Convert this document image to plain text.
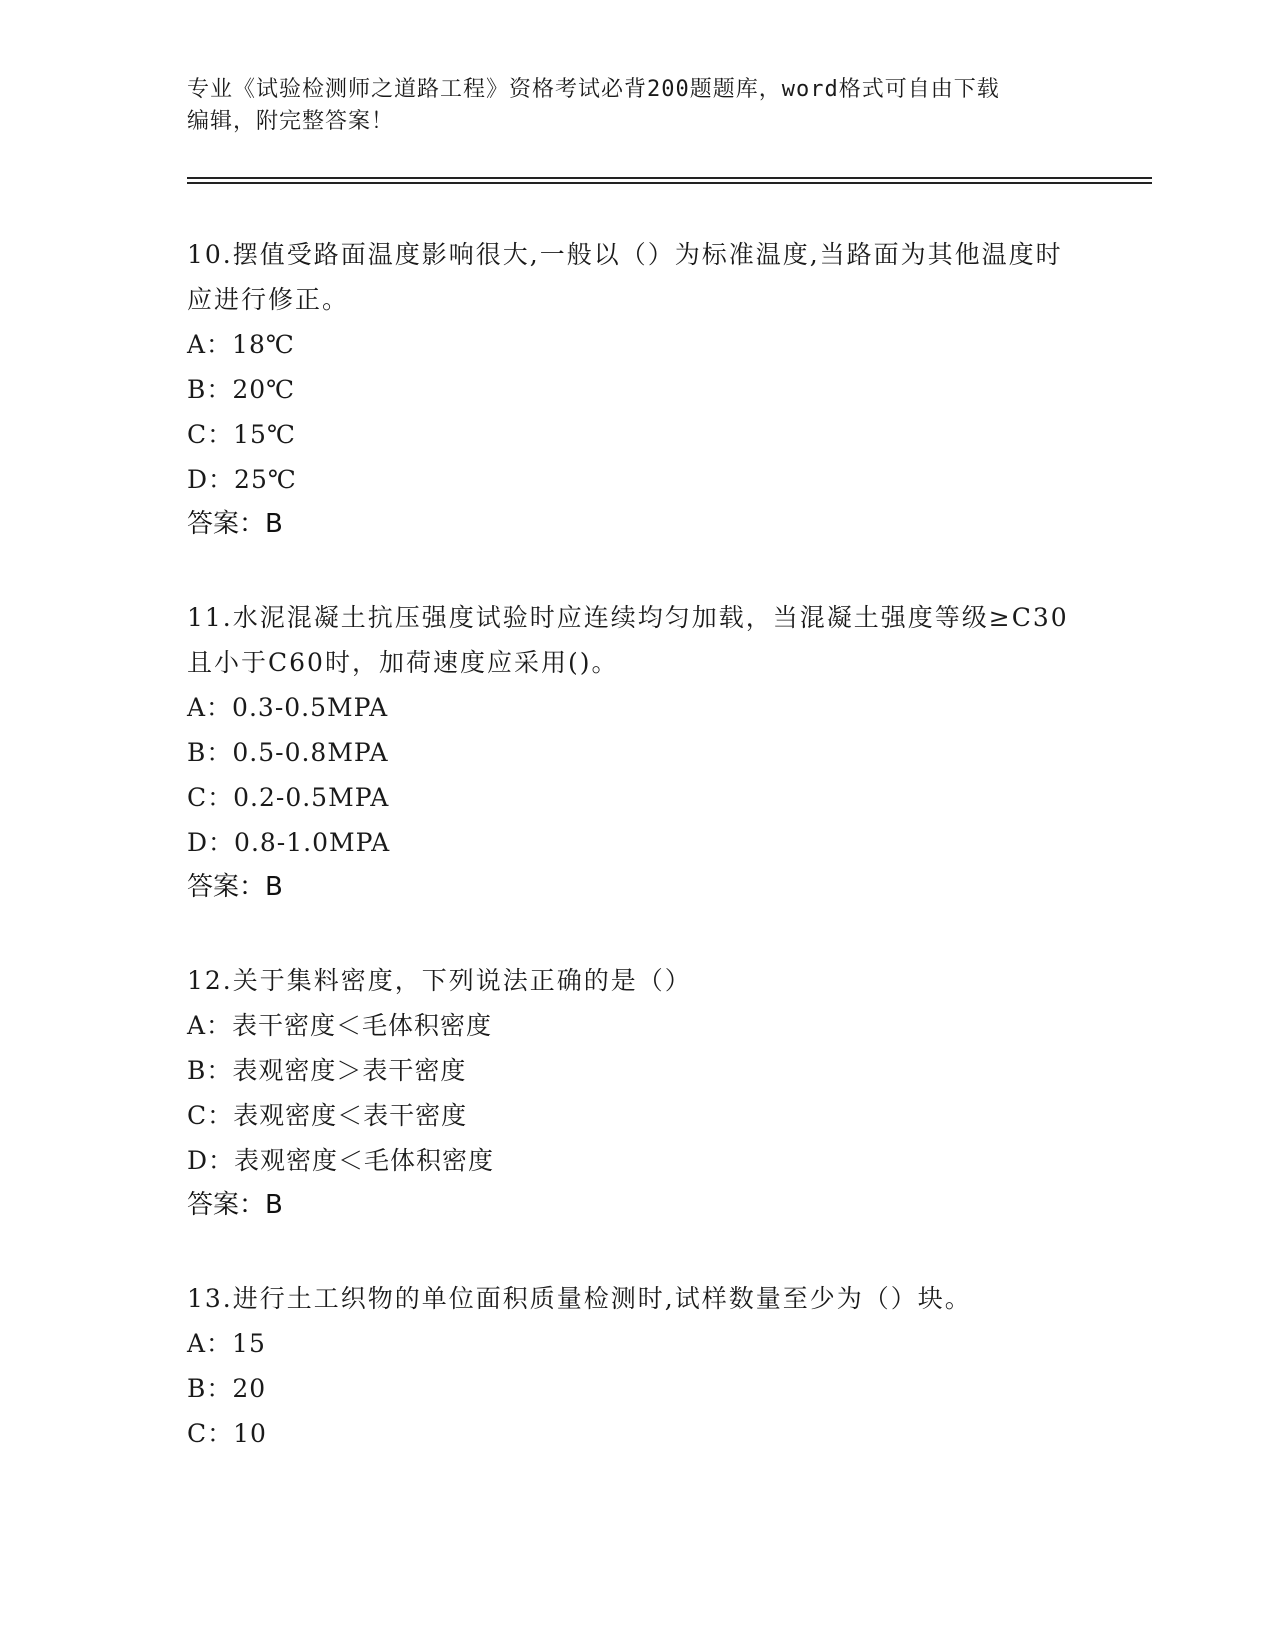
专业《试验检测师之道路工程》资格考试必背200题题库，word格式可自由下载
编辑，附完整答案！
10.摆值受路面温度影响很大,一般以（）为标准温度,当路面为其他温度时应进行修正。
A：18℃
B：20℃
C：15℃
D：25℃
答案：B
11.水泥混凝土抗压强度试验时应连续均匀加载，当混凝土强度等级≥C30且小于C60时，加荷速度应采用()。
A：0.3-0.5MPA
B：0.5-0.8MPA
C：0.2-0.5MPA
D：0.8-1.0MPA
答案：B
12.关于集料密度，下列说法正确的是（）
A：表干密度＜毛体积密度
B：表观密度＞表干密度
C：表观密度＜表干密度
D：表观密度＜毛体积密度
答案：B
13.进行土工织物的单位面积质量检测时,试样数量至少为（）块。
A：15
B：20
C：10
